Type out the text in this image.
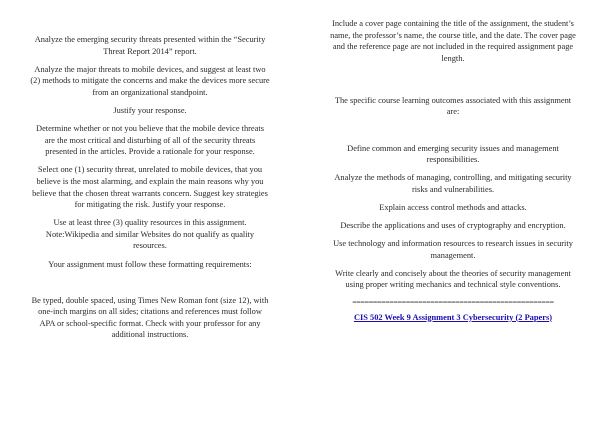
Analyze the emerging security threats presented within the “Security Threat Report 2014” report.

Analyze the major threats to mobile devices, and suggest at least two (2) methods to mitigate the concerns and make the devices more secure from an organizational standpoint.

Justify your response.

Determine whether or not you believe that the mobile device threats are the most critical and disturbing of all of the security threats presented in the articles. Provide a rationale for your response.

Select one (1) security threat, unrelated to mobile devices, that you believe is the most alarming, and explain the main reasons why you believe that the chosen threat warrants concern. Suggest key strategies for mitigating the risk. Justify your response.

Use at least three (3) quality resources in this assignment. Note:Wikipedia and similar Websites do not qualify as quality resources.

Your assignment must follow these formatting requirements:

Be typed, double spaced, using Times New Roman font (size 12), with one-inch margins on all sides; citations and references must follow APA or school-specific format. Check with your professor for any additional instructions.

Include a cover page containing the title of the assignment, the student’s name, the professor’s name, the course title, and the date. The cover page and the reference page are not included in the required assignment page length.

The specific course learning outcomes associated with this assignment are:

Define common and emerging security issues and management responsibilities.

Analyze the methods of managing, controlling, and mitigating security risks and vulnerabilities.

Explain access control methods and attacks.

Describe the applications and uses of cryptography and encryption.

Use technology and information resources to research issues in security management.

Write clearly and concisely about the theories of security management using proper writing mechanics and technical style conventions.

=================================================
CIS 502 Week 9 Assignment 3 Cybersecurity (2 Papers)
